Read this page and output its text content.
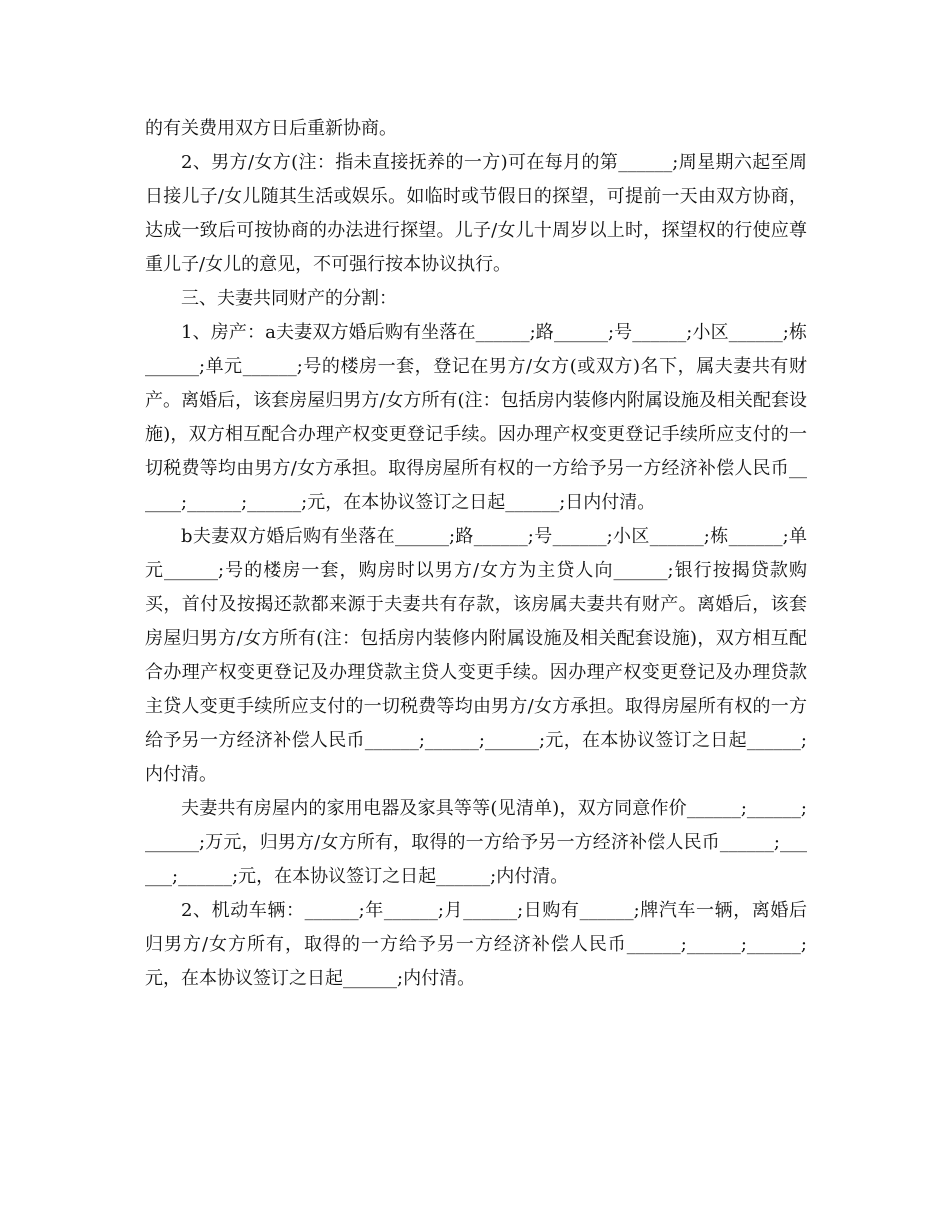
的有关费用双方日后重新协商。

2、男方/女方(注：指未直接抚养的一方)可在每月的第______;周星期六起至周日接儿子/女儿随其生活或娱乐。如临时或节假日的探望，可提前一天由双方协商，达成一致后可按协商的办法进行探望。儿子/女儿十周岁以上时，探望权的行使应尊重儿子/女儿的意见，不可强行按本协议执行。

三、夫妻共同财产的分割：

1、房产：a夫妻双方婚后购有坐落在______;路______;号______;小区______;栋______;单元______;号的楼房一套，登记在男方/女方(或双方)名下，属夫妻共有财产。离婚后，该套房屋归男方/女方所有(注：包括房内装修内附属设施及相关配套设施)，双方相互配合办理产权变更登记手续。因办理产权变更登记手续所应支付的一切税费等均由男方/女方承担。取得房屋所有权的一方给予另一方经济补偿人民币______;______;______;元，在本协议签订之日起______;日内付清。

b夫妻双方婚后购有坐落在______;路______;号______;小区______;栋______;单元______;号的楼房一套，购房时以男方/女方为主贷人向______;银行按揭贷款购买，首付及按揭还款都来源于夫妻共有存款，该房属夫妻共有财产。离婚后，该套房屋归男方/女方所有(注：包括房内装修内附属设施及相关配套设施)，双方相互配合办理产权变更登记及办理贷款主贷人变更手续。因办理产权变更登记及办理贷款主贷人变更手续所应支付的一切税费等均由男方/女方承担。取得房屋所有权的一方给予另一方经济补偿人民币______;______;______;元，在本协议签订之日起______;内付清。

夫妻共有房屋内的家用电器及家具等等(见清单)，双方同意作价______;______;______;万元，归男方/女方所有，取得的一方给予另一方经济补偿人民币______;______;______;元，在本协议签订之日起______;内付清。

2、机动车辆：______;年______;月______;日购有______;牌汽车一辆，离婚后归男方/女方所有，取得的一方给予另一方经济补偿人民币______;______;______;元，在本协议签订之日起______;内付清。
